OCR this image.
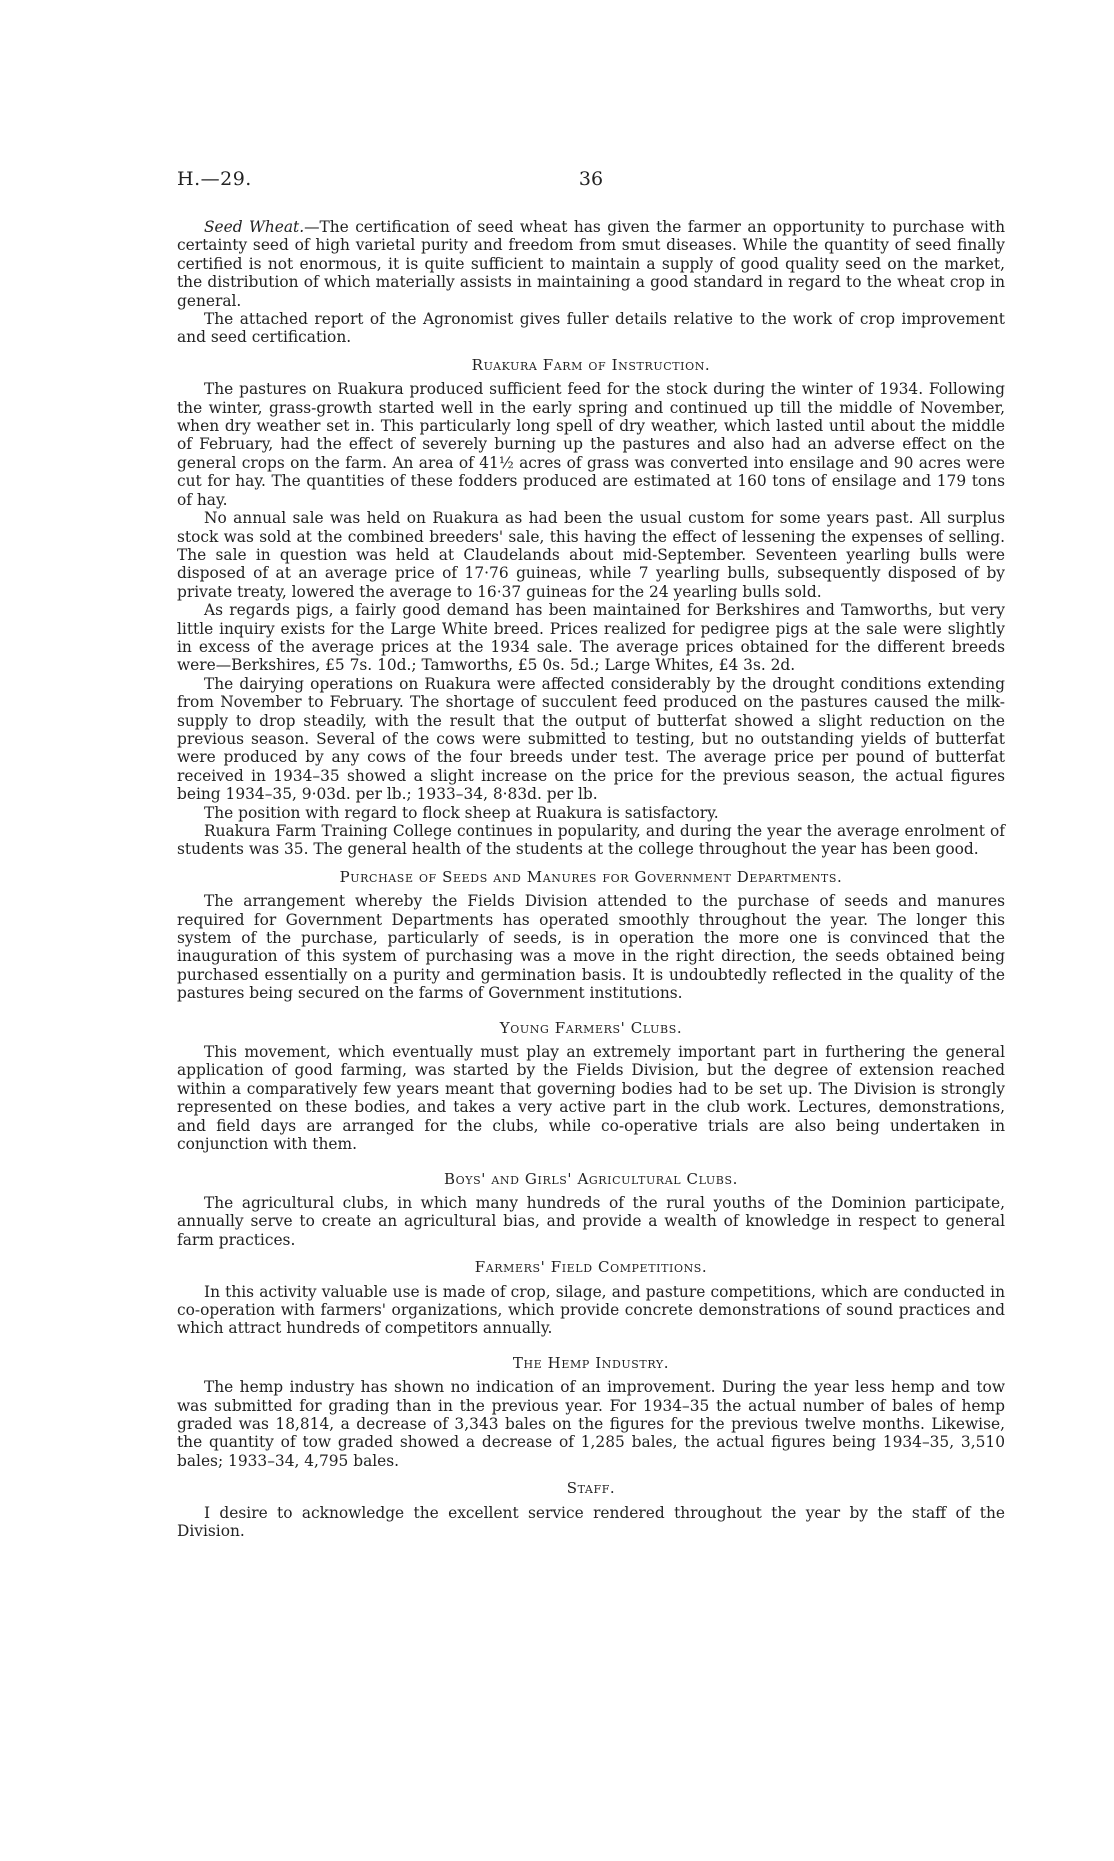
H.—29.	36

Seed Wheat.—The certification of seed wheat has given the farmer an opportunity to purchase with certainty seed of high varietal purity and freedom from smut diseases. While the quantity of seed finally certified is not enormous, it is quite sufficient to maintain a supply of good quality seed on the market, the distribution of which materially assists in maintaining a good standard in regard to the wheat crop in general.

The attached report of the Agronomist gives fuller details relative to the work of crop improvement and seed certification.

Ruakura Farm of Instruction.

The pastures on Ruakura produced sufficient feed for the stock during the winter of 1934. Following the winter, grass-growth started well in the early spring and continued up till the middle of November, when dry weather set in. This particularly long spell of dry weather, which lasted until about the middle of February, had the effect of severely burning up the pastures and also had an adverse effect on the general crops on the farm. An area of 41½ acres of grass was converted into ensilage and 90 acres were cut for hay. The quantities of these fodders produced are estimated at 160 tons of ensilage and 179 tons of hay.

No annual sale was held on Ruakura as had been the usual custom for some years past. All surplus stock was sold at the combined breeders' sale, this having the effect of lessening the expenses of selling. The sale in question was held at Claudelands about mid-September. Seventeen yearling bulls were disposed of at an average price of 17·76 guineas, while 7 yearling bulls, subsequently disposed of by private treaty, lowered the average to 16·37 guineas for the 24 yearling bulls sold.

As regards pigs, a fairly good demand has been maintained for Berkshires and Tamworths, but very little inquiry exists for the Large White breed. Prices realized for pedigree pigs at the sale were slightly in excess of the average prices at the 1934 sale. The average prices obtained for the different breeds were—Berkshires, £5 7s. 10d.; Tamworths, £5 0s. 5d.; Large Whites, £4 3s. 2d.

The dairying operations on Ruakura were affected considerably by the drought conditions extending from November to February. The shortage of succulent feed produced on the pastures caused the milk-supply to drop steadily, with the result that the output of butterfat showed a slight reduction on the previous season. Several of the cows were submitted to testing, but no outstanding yields of butterfat were produced by any cows of the four breeds under test. The average price per pound of butterfat received in 1934–35 showed a slight increase on the price for the previous season, the actual figures being 1934–35, 9·03d. per lb.; 1933–34, 8·83d. per lb.

The position with regard to flock sheep at Ruakura is satisfactory.

Ruakura Farm Training College continues in popularity, and during the year the average enrolment of students was 35. The general health of the students at the college throughout the year has been good.

Purchase of Seeds and Manures for Government Departments.

The arrangement whereby the Fields Division attended to the purchase of seeds and manures required for Government Departments has operated smoothly throughout the year. The longer this system of the purchase, particularly of seeds, is in operation the more one is convinced that the inauguration of this system of purchasing was a move in the right direction, the seeds obtained being purchased essentially on a purity and germination basis. It is undoubtedly reflected in the quality of the pastures being secured on the farms of Government institutions.

Young Farmers' Clubs.

This movement, which eventually must play an extremely important part in furthering the general application of good farming, was started by the Fields Division, but the degree of extension reached within a comparatively few years meant that governing bodies had to be set up. The Division is strongly represented on these bodies, and takes a very active part in the club work. Lectures, demonstrations, and field days are arranged for the clubs, while co-operative trials are also being undertaken in conjunction with them.

Boys' and Girls' Agricultural Clubs.

The agricultural clubs, in which many hundreds of the rural youths of the Dominion participate, annually serve to create an agricultural bias, and provide a wealth of knowledge in respect to general farm practices.

Farmers' Field Competitions.

In this activity valuable use is made of crop, silage, and pasture competitions, which are conducted in co-operation with farmers' organizations, which provide concrete demonstrations of sound practices and which attract hundreds of competitors annually.

The Hemp Industry.

The hemp industry has shown no indication of an improvement. During the year less hemp and tow was submitted for grading than in the previous year. For 1934–35 the actual number of bales of hemp graded was 18,814, a decrease of 3,343 bales on the figures for the previous twelve months. Likewise, the quantity of tow graded showed a decrease of 1,285 bales, the actual figures being 1934–35, 3,510 bales; 1933–34, 4,795 bales.

Staff.

I desire to acknowledge the excellent service rendered throughout the year by the staff of the Division.
